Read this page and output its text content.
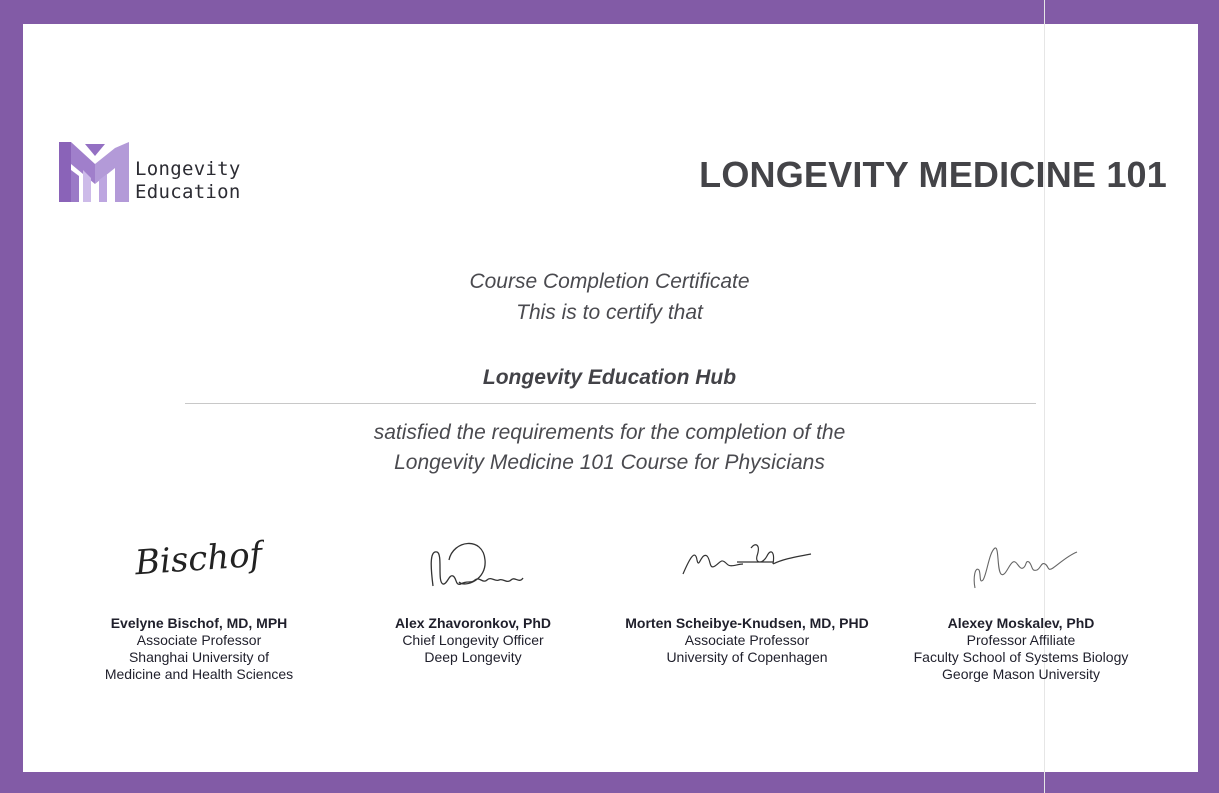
Longevity
Education	LONGEVITY MEDICINE 101
Course Completion Certificate
This is to certify that
Longevity Education Hub
satisfied the requirements for the completion of the
Longevity Medicine 101 Course for Physicians
Bischof
Evelyne Bischof, MD, MPH
Associate Professor
Shanghai University of
Medicine and Health Sciences
Alex Zhavoronkov, PhD
Chief Longevity Officer
Deep Longevity
Morten Scheibye-Knudsen, MD, PHD
Associate Professor
University of Copenhagen
Alexey Moskalev, PhD
Professor Affiliate
Faculty School of Systems Biology
George Mason University
